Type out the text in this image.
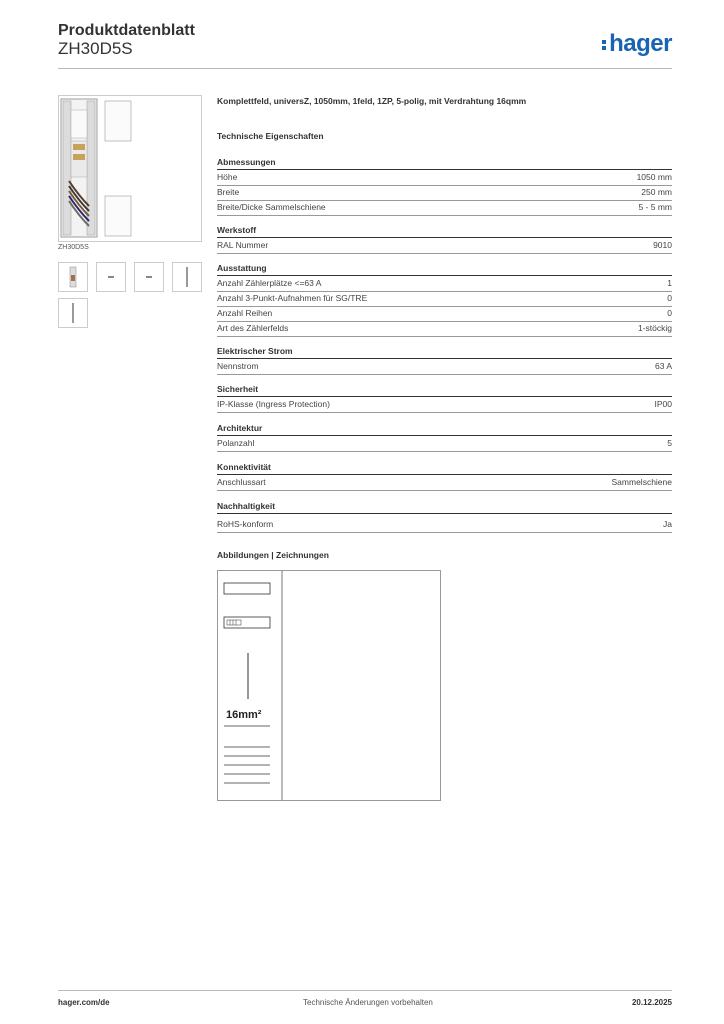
Produktdatenblatt
ZH30D5S	hager
ZH30D5S
Komplettfeld, universZ, 1050mm, 1feld, 1ZP, 5-polig, mit Verdrahtung 16qmm
Technische Eigenschaften
Abmessungen
Höhe	1050 mm
Breite	250 mm
Breite/Dicke Sammelschiene	5 - 5 mm
Werkstoff
RAL Nummer	9010
Ausstattung
Anzahl Zählerplätze <=63 A	1
Anzahl 3-Punkt-Aufnahmen für SG/TRE	0
Anzahl Reihen	0
Art des Zählerfelds	1-stöckig
Elektrischer Strom
Nennstrom	63 A
Sicherheit
IP-Klasse (Ingress Protection)	IP00
Architektur
Polanzahl	5
Konnektivität
Anschlussart	Sammelschiene
Nachhaltigkeit
RoHS-konform	Ja
Abbildungen | Zeichnungen
16mm²
hager.com/de	Technische Änderungen vorbehalten	20.12.2025
